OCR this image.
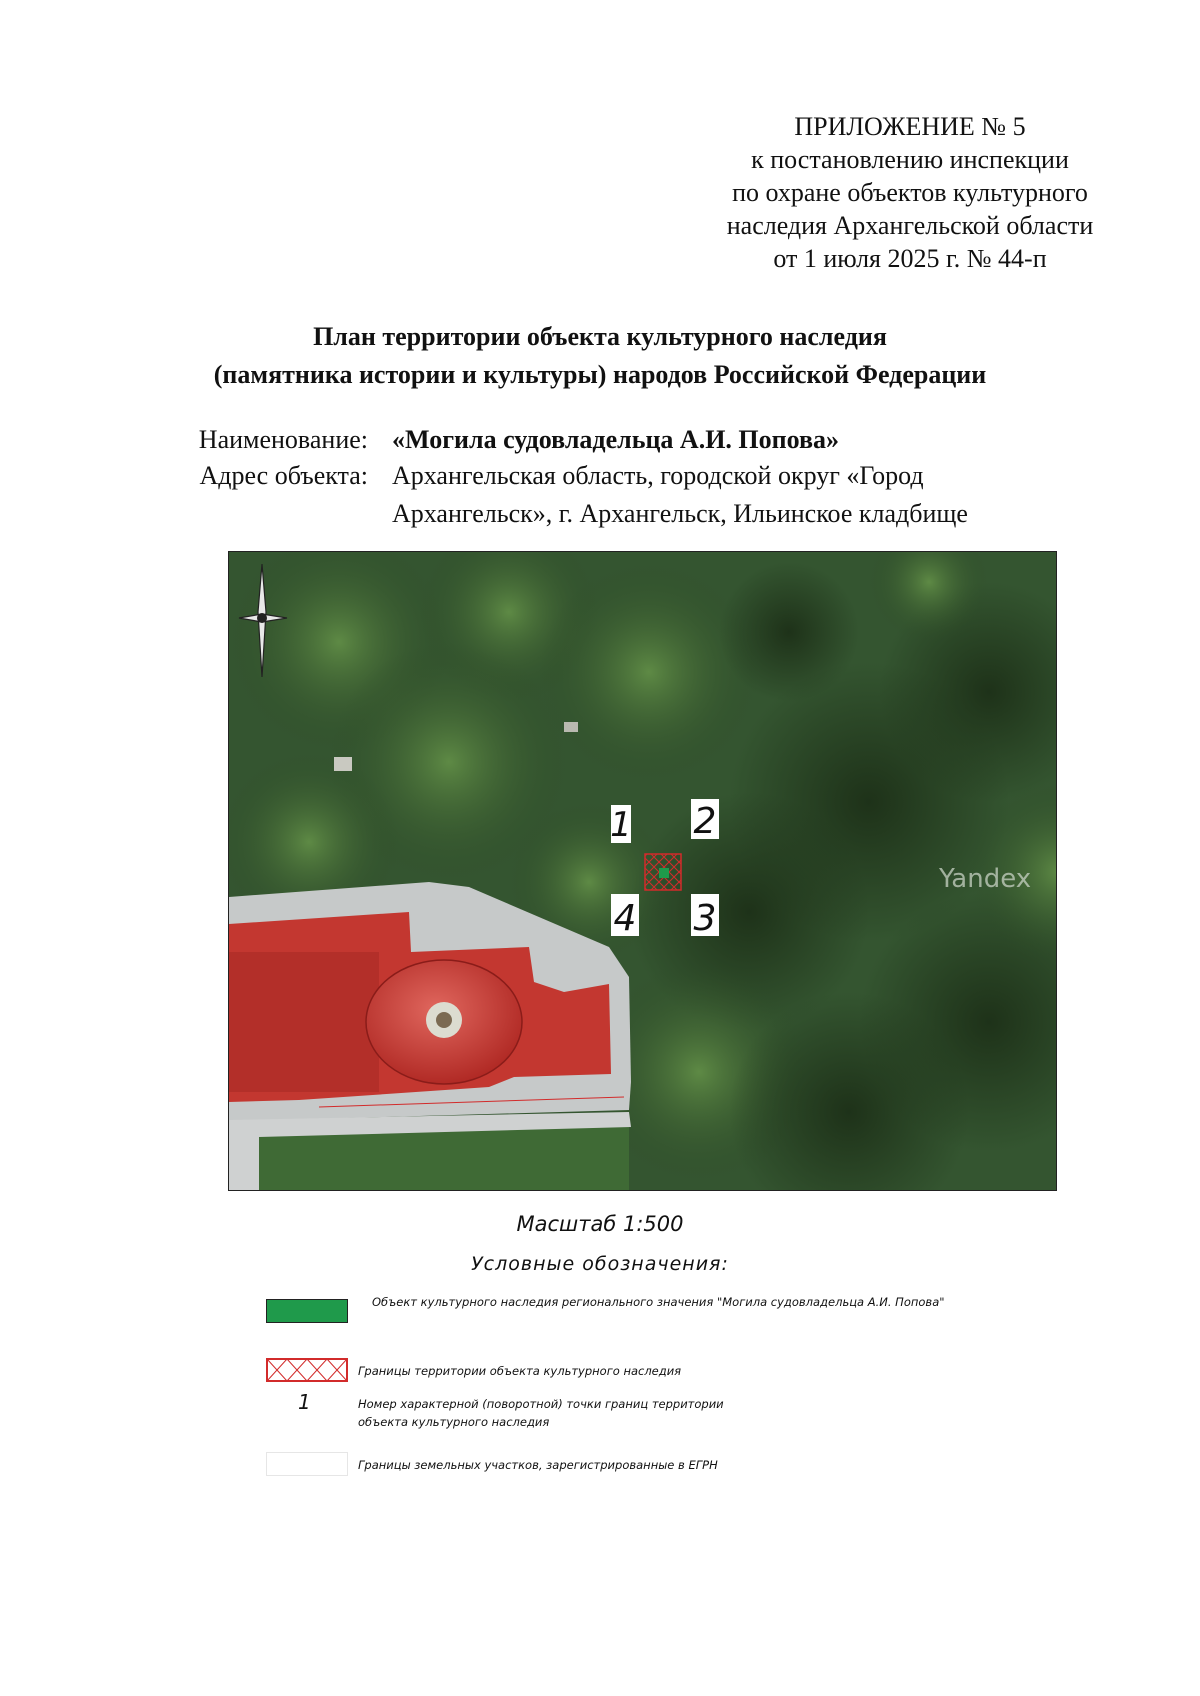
ПРИЛОЖЕНИЕ № 5
к постановлению инспекции
по охране объектов культурного
наследия Архангельской области
от 1 июля 2025 г. № 44-п
План территории объекта культурного наследия
(памятника истории и культуры) народов Российской Федерации
Наименование: «Могила судовладельца А.И. Попова»
Адрес объекта: Архангельская область, городской округ «Город
Архангельск», г. Архангельск, Ильинское кладбище
Yandex
1 2
3
4
Масштаб 1:500
Условные обозначения:
Объект культурного наследия регионального значения "Могила судовладельца А.И. Попова"
Границы территории объекта культурного наследия
1	Номер характерной (поворотной) точки границ территории
объекта культурного наследия
Границы земельных участков, зарегистрированные в ЕГРН
